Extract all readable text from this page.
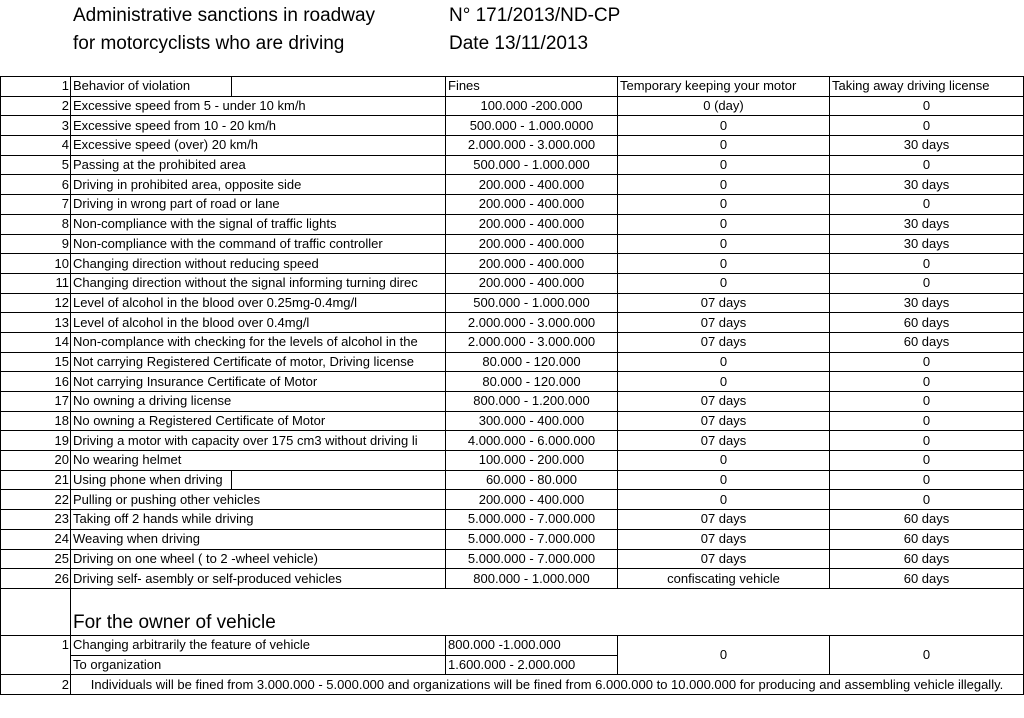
Administrative sanctions in roadway
for motorcyclists who are driving
N° 171/2013/ND-CP
Date 13/11/2013
1	Behavior of violation	Fines	Temporary keeping your motor	Taking away driving license
2	Excessive speed from 5 - under 10 km/h	100.000 -200.000	0 (day)	0
3	Excessive speed from 10 - 20 km/h	500.000 - 1.000.0000	0	0
4	Excessive speed (over) 20 km/h	2.000.000 - 3.000.000	0	30 days
5	Passing at the prohibited area	500.000 - 1.000.000	0	0
6	Driving in prohibited area, opposite side	200.000 - 400.000	0	30 days
7	Driving in wrong part of road or lane	200.000 - 400.000	0	0
8	Non-compliance with the signal of traffic lights	200.000 - 400.000	0	30 days
9	Non-compliance with the command of traffic controller	200.000 - 400.000	0	30 days
10	Changing direction without reducing speed	200.000 - 400.000	0	0
11	Changing direction without the signal informing turning direc	200.000 - 400.000	0	0
12	Level of alcohol in the blood over 0.25mg-0.4mg/l	500.000 - 1.000.000	07 days	30 days
13	Level of alcohol in the blood over 0.4mg/l	2.000.000 - 3.000.000	07 days	60 days
14	Non-complance with checking for the levels of alcohol in the	2.000.000 - 3.000.000	07 days	60 days
15	Not carrying Registered Certificate of motor, Driving license	80.000 - 120.000	0	0
16	Not carrying Insurance Certificate of Motor	80.000 - 120.000	0	0
17	No owning a driving license	800.000 - 1.200.000	07 days	0
18	No owning a Registered Certificate of Motor	300.000 - 400.000	07 days	0
19	Driving a motor with capacity over 175 cm3 without driving li	4.000.000 - 6.000.000	07 days	0
20	No wearing helmet	100.000 - 200.000	0	0
21	Using phone when driving	60.000 - 80.000	0	0
22	Pulling or pushing other vehicles	200.000 - 400.000	0	0
23	Taking off 2 hands while driving	5.000.000 - 7.000.000	07 days	60 days
24	Weaving when driving	5.000.000 - 7.000.000	07 days	60 days
25	Driving on one wheel ( to 2 -wheel vehicle)	5.000.000 - 7.000.000	07 days	60 days
26	Driving self- asembly or self-produced vehicles	800.000 - 1.000.000	confiscating vehicle	60 days
	For the owner of vehicle			
1	Changing arbitrarily the feature of vehicle	800.000 -1.000.000	0	0
	To organization	1.600.000 - 2.000.000		
2	Individuals will be fined from 3.000.000 - 5.000.000 and organizations will be fined from 6.000.000 to 10.000.000 for producing and assembling vehicle illegally.			
